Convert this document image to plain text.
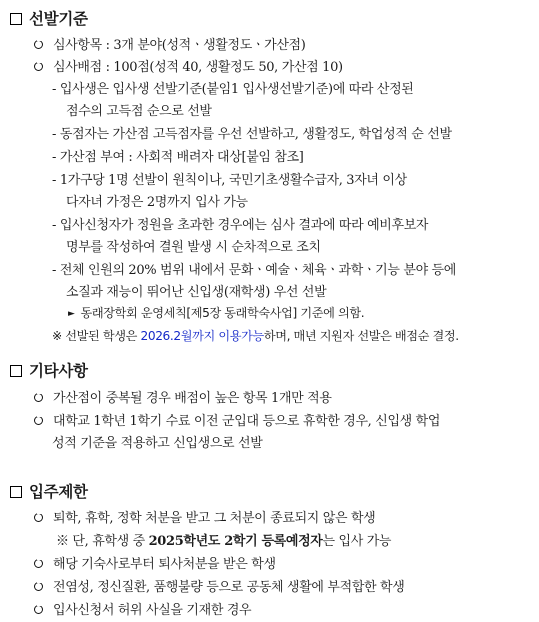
선발기준
심사항목 : 3개 분야(성적ㆍ생활정도ㆍ가산점)
심사배점 : 100점(성적 40, 생활정도 50, 가산점 10)
- 입사생은 입사생 선발기준(붙임1 입사생선발기준)에 따라 산정된
점수의 고득점 순으로 선발
- 동점자는 가산점 고득점자를 우선 선발하고, 생활정도, 학업성적 순 선발
- 가산점 부여 : 사회적 배려자 대상[붙임 참조]
- 1가구당 1명 선발이 원칙이나, 국민기초생활수급자, 3자녀 이상
다자녀 가정은 2명까지 입사 가능
- 입사신청자가 정원을 초과한 경우에는 심사 결과에 따라 예비후보자
명부를 작성하여 결원 발생 시 순차적으로 조치
- 전체 인원의 20% 범위 내에서 문화ㆍ예술ㆍ체육ㆍ과학ㆍ기능 분야 등에
소질과 재능이 뛰어난 신입생(재학생) 우선 선발
► 동래장학회 운영세칙[제5장 동래학숙사업] 기준에 의함.
※ 선발된 학생은 2026.2월까지 이용가능하며, 매년 지원자 선발은 배점순 결정.
기타사항
가산점이 중복될 경우 배점이 높은 항목 1개만 적용
대학교 1학년 1학기 수료 이전 군입대 등으로 휴학한 경우, 신입생 학업
성적 기준을 적용하고 신입생으로 선발
입주제한
퇴학, 휴학, 정학 처분을 받고 그 처분이 종료되지 않은 학생
※ 단, 휴학생 중 2025학년도 2학기 등록예정자는 입사 가능
해당 기숙사로부터 퇴사처분을 받은 학생
전염성, 정신질환, 품행불량 등으로 공동체 생활에 부적합한 학생
입사신청서 허위 사실을 기재한 경우
